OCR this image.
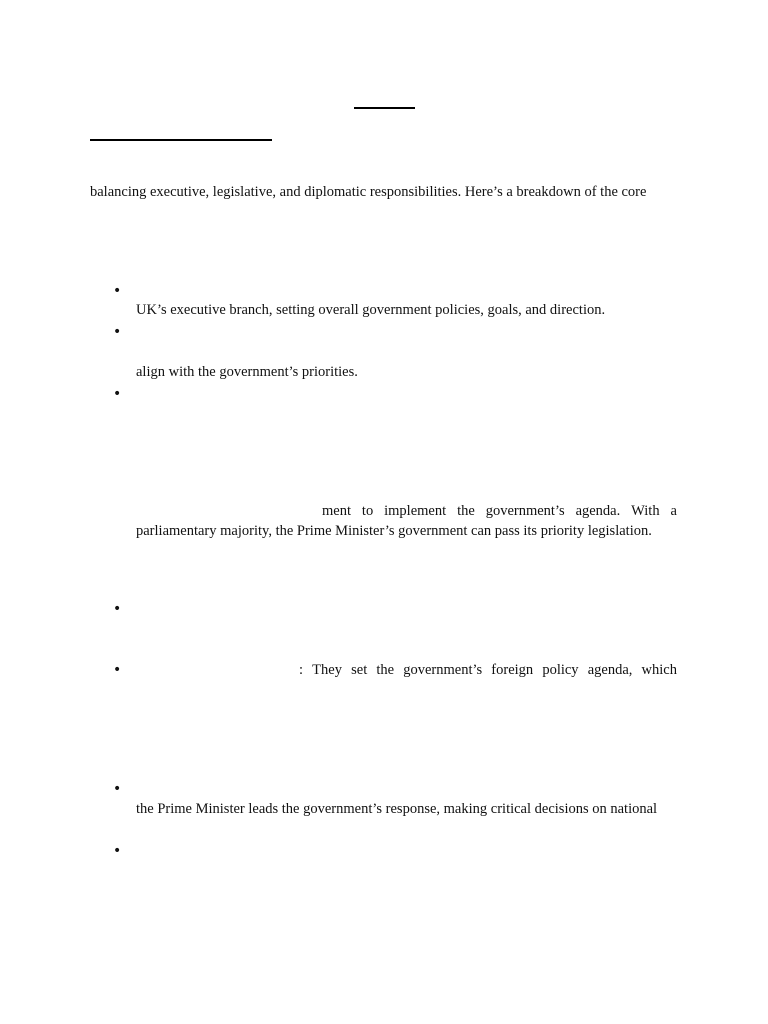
balancing executive, legislative, and diplomatic responsibilities. Here’s a breakdown of the core
•
UK’s executive branch, setting overall government policies, goals, and direction.
•
align with the government’s priorities.
•
ment to implement the government’s agenda. With a
parliamentary majority, the Prime Minister’s government can pass its priority legislation.
•
•	: They set the government’s foreign policy agenda, which
•
the Prime Minister leads the government’s response, making critical decisions on national
•
